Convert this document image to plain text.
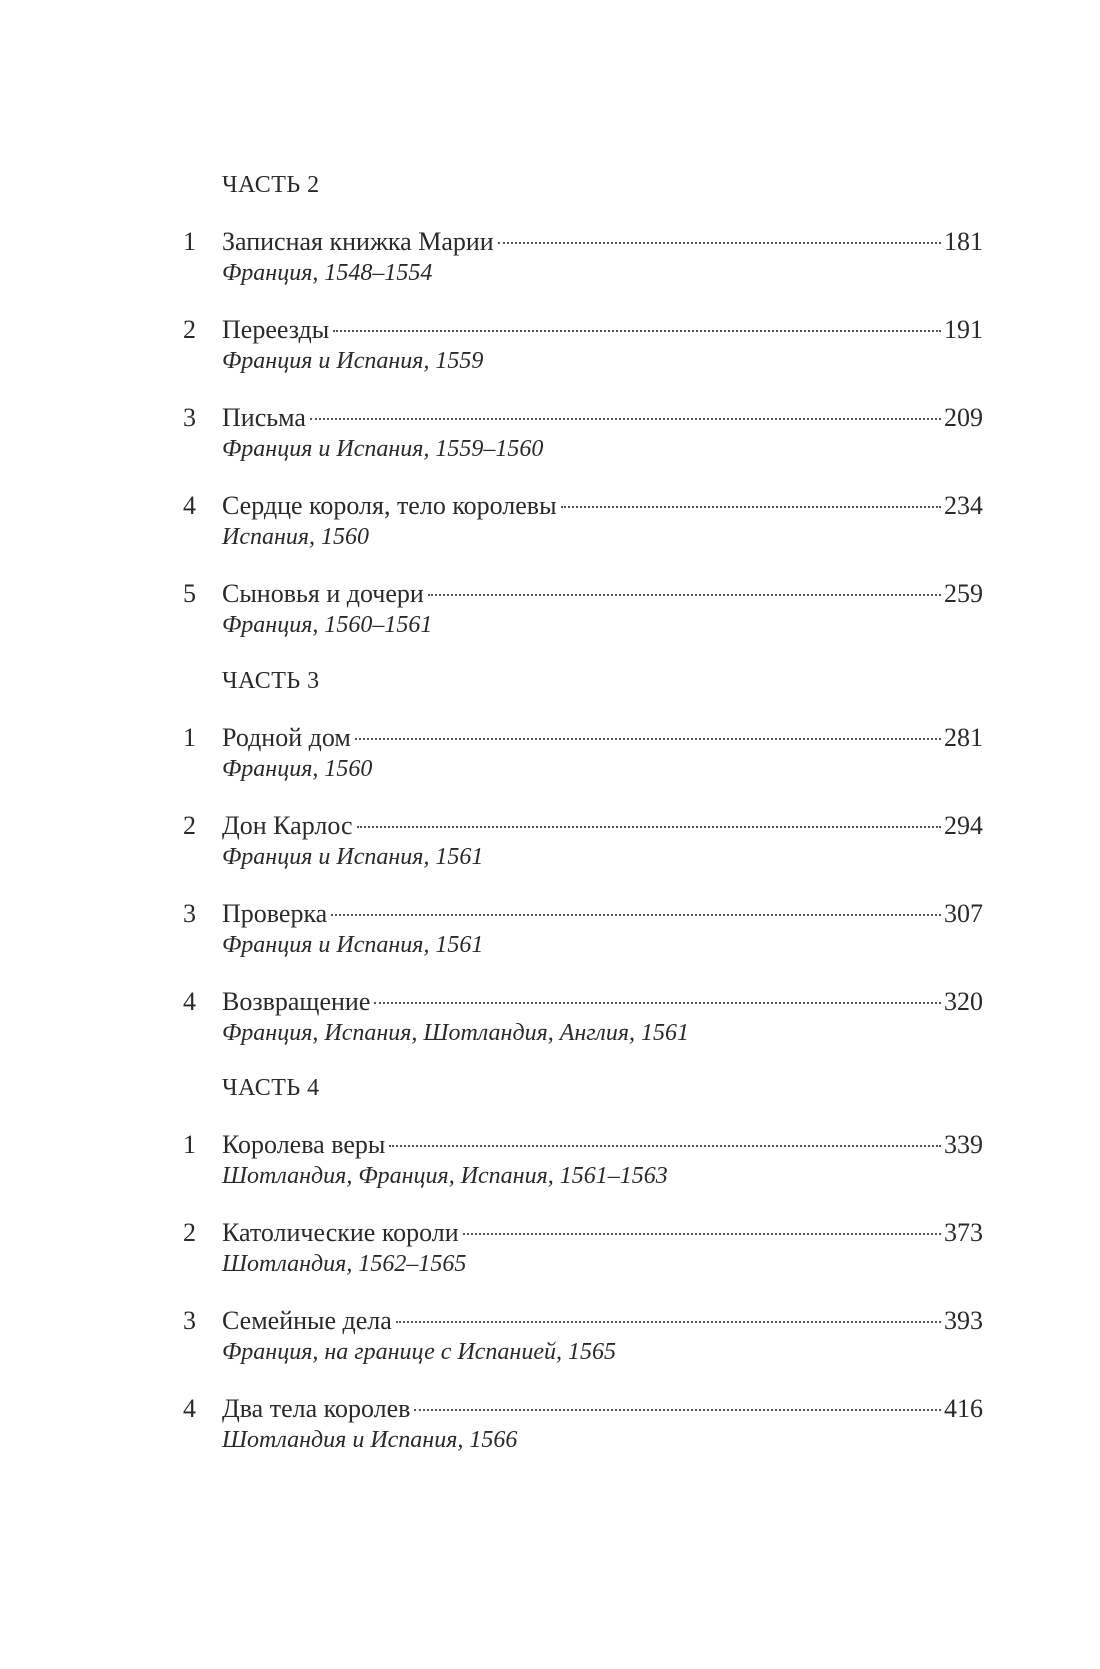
ЧАСТЬ 2
1	Записная книжка Марии	181
Франция, 1548–1554
2	Переезды	191
Франция и Испания, 1559
3	Письма	209
Франция и Испания, 1559–1560
4	Сердце короля, тело королевы	234
Испания, 1560
5	Сыновья и дочери	259
Франция, 1560–1561
ЧАСТЬ 3
1	Родной дом	281
Франция, 1560
2	Дон Карлос	294
Франция и Испания, 1561
3	Проверка	307
Франция и Испания, 1561
4	Возвращение	320
Франция, Испания, Шотландия, Англия, 1561
ЧАСТЬ 4
1	Королева веры	339
Шотландия, Франция, Испания, 1561–1563
2	Католические короли	373
Шотландия, 1562–1565
3	Семейные дела	393
Франция, на границе с Испанией, 1565
4	Два тела королев	416
Шотландия и Испания, 1566
